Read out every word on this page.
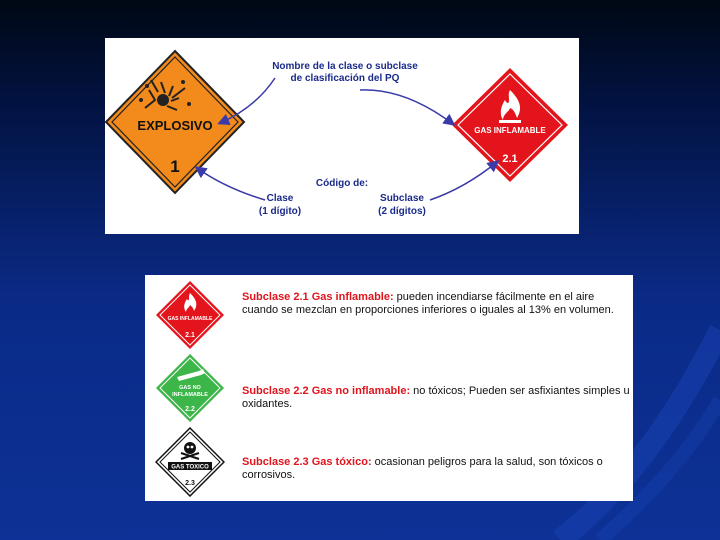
EXPLOSIVO
1
GAS INFLAMABLE
2.1
Nombre de la clase o subclase de clasificación del PQ
Código de:
Clase
(1 dígito)
Subclase
(2 dígitos)
GAS INFLAMABLE
2.1
Subclase 2.1 Gas inflamable: pueden incendiarse fácilmente en el aire cuando se mezclan en proporciones inferiores o iguales al 13% en volumen.
GAS NO
INFLAMABLE
2.2
Subclase 2.2 Gas no inflamable: no tóxicos; Pueden ser asfixiantes simples u oxidantes.
GAS TOXICO
2.3
Subclase 2.3 Gas tóxico: ocasionan peligros para la salud, son tóxicos o corrosivos.
